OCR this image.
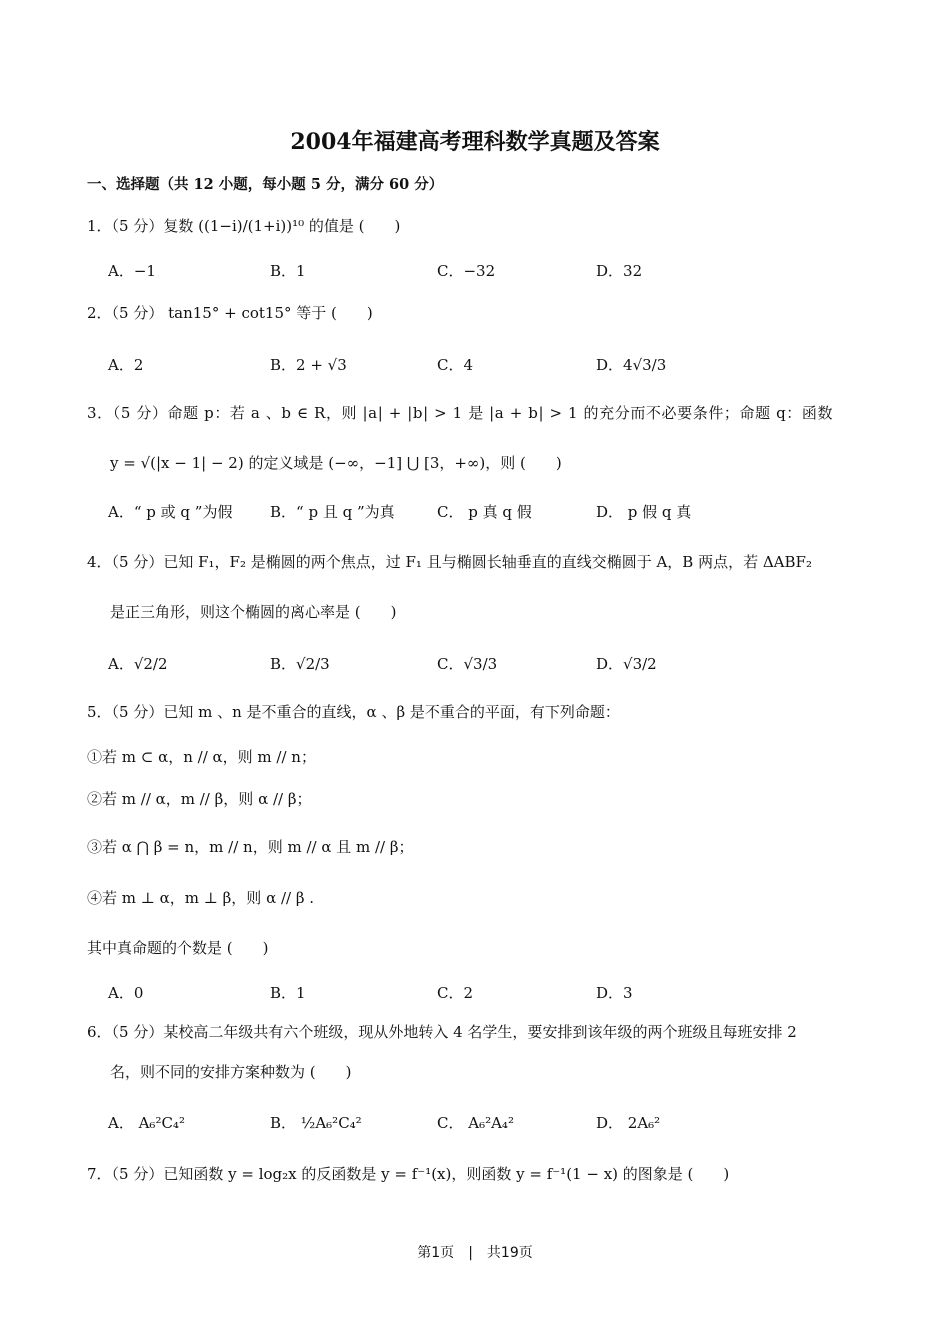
2004年福建高考理科数学真题及答案
一、选择题（共 12 小题，每小题 5 分，满分 60 分）
1．（5 分）复数 ((1−i)/(1+i))¹⁰ 的值是 (　　)
A．−1	B．1	C．−32	D．32
2．（5 分） tan15° + cot15° 等于 (　　)
A．2	B．2 + √3	C．4	D．4√3/3
3．（5 分）命题 p：若 a 、b ∈ R，则 |a| + |b| > 1 是 |a + b| > 1 的充分而不必要条件；命题 q：函数
y = √(|x − 1| − 2) 的定义域是 (−∞，−1] ⋃ [3，+∞)，则 (　　)
A．“ p 或 q ”为假	B．“ p 且 q ”为真	C． p 真 q 假	D． p 假 q 真
4．（5 分）已知 F₁，F₂ 是椭圆的两个焦点，过 F₁ 且与椭圆长轴垂直的直线交椭圆于 A，B 两点，若 ΔABF₂
是正三角形，则这个椭圆的离心率是 (　　)
A．√2/2	B．√2/3	C．√3/3	D．√3/2
5．（5 分）已知 m 、n 是不重合的直线，α 、β 是不重合的平面，有下列命题：
①若 m ⊂ α，n // α，则 m // n；
②若 m // α，m // β，则 α // β；
③若 α ⋂ β = n，m // n，则 m // α 且 m // β；
④若 m ⊥ α，m ⊥ β，则 α // β .
其中真命题的个数是 (　　)
A．0	B．1	C．2	D．3
6．（5 分）某校高二年级共有六个班级，现从外地转入 4 名学生，要安排到该年级的两个班级且每班安排 2
名，则不同的安排方案种数为 (　　)
A． A₆²C₄²	B． ½A₆²C₄²	C． A₆²A₄²	D． 2A₆²
7．（5 分）已知函数 y = log₂x 的反函数是 y = f⁻¹(x)，则函数 y = f⁻¹(1 − x) 的图象是 (　　)
第1页 | 共19页
